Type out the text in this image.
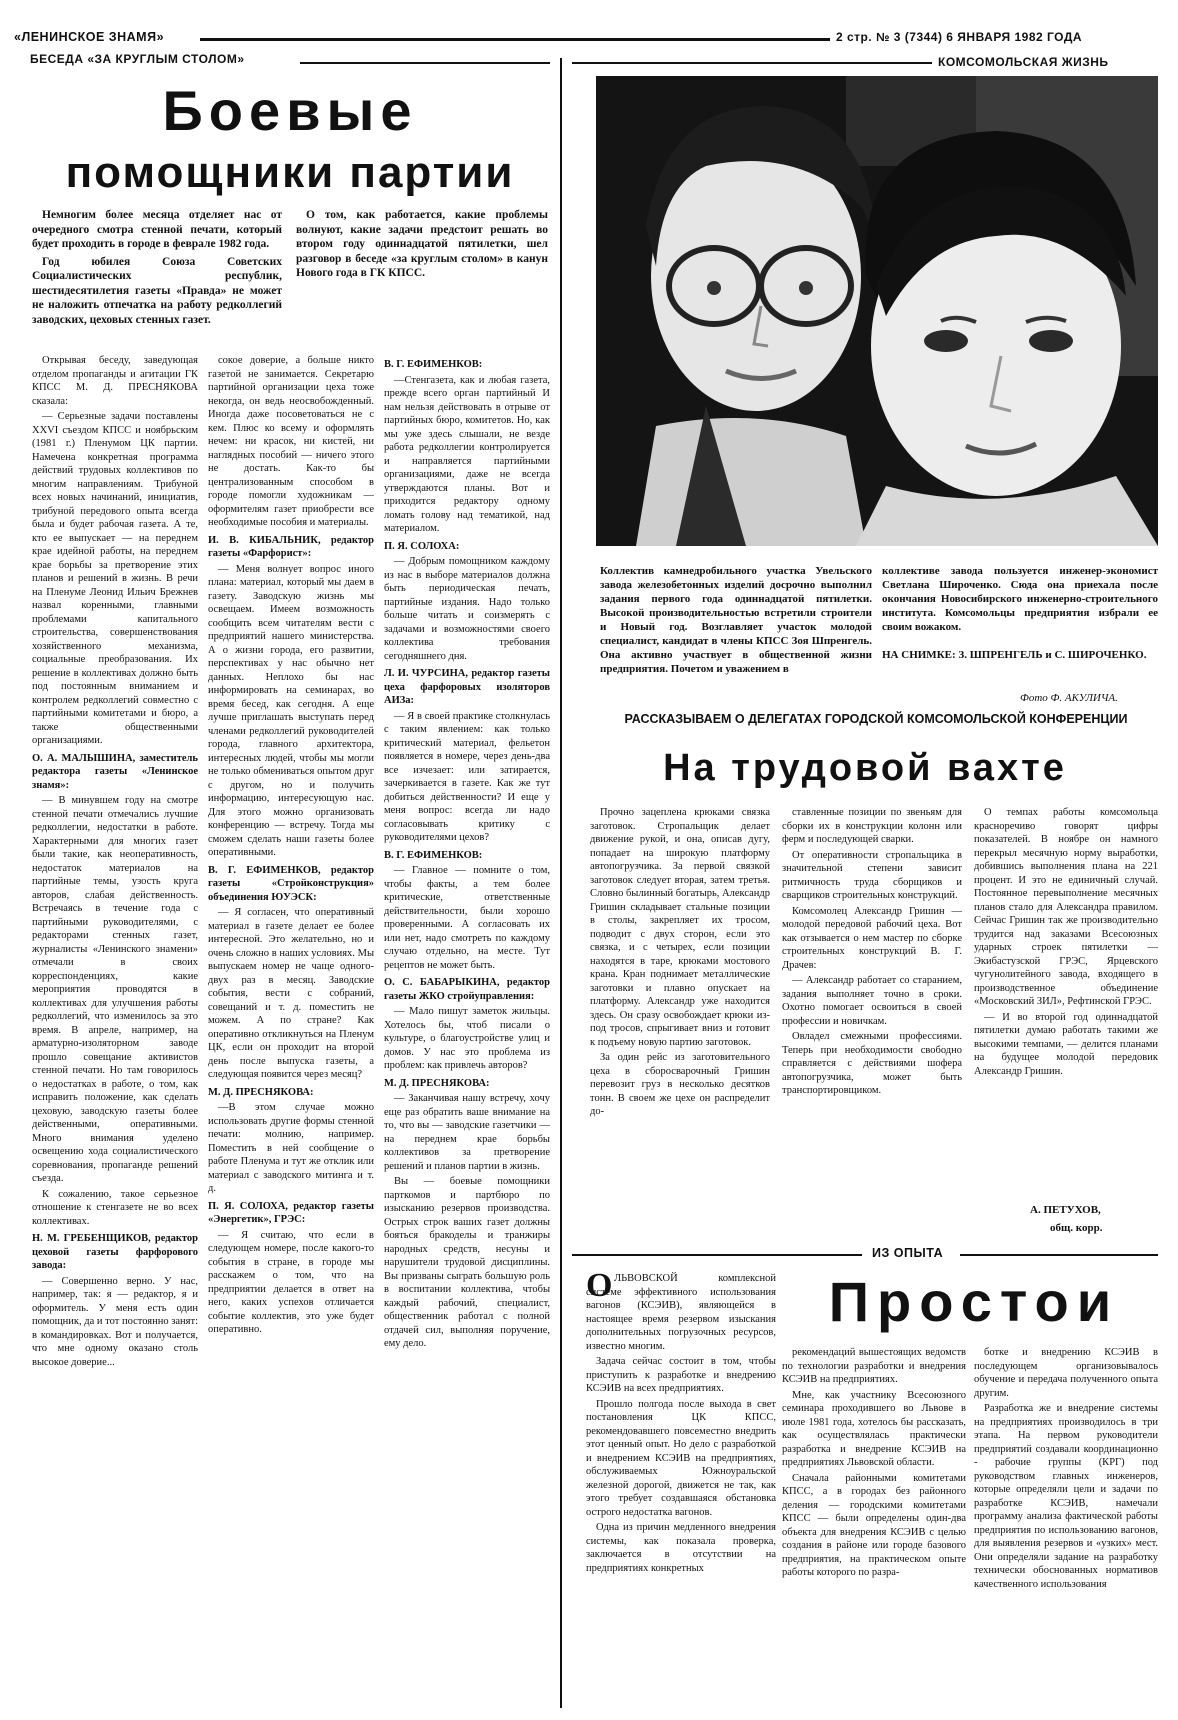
«ЛЕНИНСКОЕ ЗНАМЯ»	2 стр. № 3 (7344) 6 ЯНВАРЯ 1982 ГОДА
БЕСЕДА «ЗА КРУГЛЫМ СТОЛОМ»
Боевые
помощники партии

Немногим более месяца отделяет нас от очередного смотра стенной печати, который будет проходить в городе в феврале 1982 года.

Год юбилея Союза Советских Социалистических республик, шестидесятилетия газеты «Правда» не может не наложить отпечатка на работу редколлегий заводских, цеховых стенных газет.

О том, как работается, какие проблемы волнуют, какие задачи предстоит решать во втором году одиннадцатой пятилетки, шел разговор в беседе «за круглым столом» в канун Нового года в ГК КПСС.

Открывая беседу, заведующая отделом пропаганды и агитации ГК КПСС М. Д. ПРЕСНЯКОВА сказала:

— Серьезные задачи поставлены XXVI съездом КПСС и ноябрьским (1981 г.) Пленумом ЦК партии. Намечена конкретная программа действий трудовых коллективов по многим направлениям. Трибуной всех новых начинаний, инициатив, трибуной передового опыта всегда была и будет рабочая газета. А те, кто ее выпускает — на переднем крае идейной работы, на переднем крае борьбы за претворение этих планов и решений в жизнь. В речи на Пленуме Леонид Ильич Брежнев назвал коренными, главными проблемами капитального строительства, совершенствования хозяйственного механизма, социальные преобразования. Их решение в коллективах должно быть под постоянным вниманием и контролем редколлегий совместно с партийными комитетами и бюро, а также общественными организациями.

О. А. МАЛЫШИНА, заместитель редактора газеты «Ленинское знамя»:

— В минувшем году на смотре стенной печати отмечались лучшие редколлегии, недостатки в работе. Характерными для многих газет были такие, как неоперативность, недостаток материалов на партийные темы, узость круга авторов, слабая действенность. Встречаясь в течение года с партийными руководителями, с редакторами стенных газет, журналисты «Ленинского знамени» отмечали в своих корреспонденциях, какие мероприятия проводятся в коллективах для улучшения работы редколлегий, что изменилось за это время. В апреле, например, на арматурно-изоляторном заводе прошло совещание активистов стенной печати. Но там говорилось о недостатках в работе, о том, как исправить положение, как сделать цеховую, заводскую газеты более действенными, оперативными. Много внимания уделено освещению хода социалистического соревнования, пропаганде решений съезда.

К сожалению, такое серьезное отношение к стенгазете не во всех коллективах.

Н. М. ГРЕБЕНЩИКОВ, редактор цеховой газеты фарфорового завода:

— Совершенно верно. У нас, например, так: я — редактор, я и оформитель. У меня есть один помощник, да и тот постоянно занят: в командировках. Вот и получается, что мне одному оказано столь высокое доверие...

сокое доверие, а больше никто газетой не занимается. Секретарю партийной организации цеха тоже некогда, он ведь неосвобожденный. Иногда даже посоветоваться не с кем. Плюс ко всему и оформлять нечем: ни красок, ни кистей, ни наглядных пособий — ничего этого не достать. Как-то бы централизованным способом в городе помогли художникам — оформителям газет приобрести все необходимые пособия и материалы.

И. В. КИБАЛЬНИК, редактор газеты «Фарфорист»:

— Меня волнует вопрос иного плана: материал, который мы даем в газету. Заводскую жизнь мы освещаем. Имеем возможность сообщить всем читателям вести с предприятий нашего министерства. А о жизни города, его развитии, перспективах у нас обычно нет данных. Неплохо бы нас информировать на семинарах, во время бесед, как сегодня. А еще лучше приглашать выступать перед членами редколлегий руководителей города, главного архитектора, интересных людей, чтобы мы могли не только обмениваться опытом друг с другом, но и получить информацию, интересующую нас. Для этого можно организовать конференцию — встречу. Тогда мы сможем сделать наши газеты более оперативными.

В. Г. ЕФИМЕНКОВ, редактор газеты «Стройконструкция» объединения ЮУЭСК:

— Я согласен, что оперативный материал в газете делает ее более интересной. Это желательно, но и очень сложно в наших условиях. Мы выпускаем номер не чаще одного-двух раз в месяц. Заводские события, вести с собраний, совещаний и т. д. поместить не можем. А по стране? Как оперативно откликнуться на Пленум ЦК, если он проходит на второй день после выпуска газеты, а следующая появится через месяц?

М. Д. ПРЕСНЯКОВА:

—В этом случае можно использовать другие формы стенной печати: молнию, например. Поместить в ней сообщение о работе Пленума и тут же отклик или материал с заводского митинга и т. д.

П. Я. СОЛОХА, редактор газеты «Энергетик», ГРЭС:

— Я считаю, что если в следующем номере, после какого-то события в стране, в городе мы расскажем о том, что на предприятии делается в ответ на него, каких успехов отличается событие коллектив, это уже будет оперативно.

В. Г. ЕФИМЕНКОВ:

—Стенгазета, как и любая газета, прежде всего орган партийный И нам нельзя действовать в отрыве от партийных бюро, комитетов. Но, как мы уже здесь слышали, не везде работа редколлегии контролируется и направляется партийными организациями, даже не всегда утверждаются планы. Вот и приходится редактору одному ломать голову над тематикой, над материалом.

П. Я. СОЛОХА:

— Добрым помощником каждому из нас в выборе материалов должна быть периодическая печать, партийные издания. Надо только больше читать и соизмерять с задачами и возможностями своего коллектива требования сегодняшнего дня.

Л. И. ЧУРСИНА, редактор газеты цеха фарфоровых изоляторов АИЗа:

— Я в своей практике столкнулась с таким явлением: как только критический материал, фельетон появляется в номере, через день-два все изчезает: или затирается, зачеркивается в газете. Как же тут добиться действенности? И еще у меня вопрос: всегда ли надо согласовывать критику с руководителями цехов?

В. Г. ЕФИМЕНКОВ:

— Главное — помните о том, чтобы факты, а тем более критические, ответственные действительности, были хорошо проверенными. А согласовать их или нет, надо смотреть по каждому случаю отдельно, на месте. Тут рецептов не может быть.

О. С. БАБАРЫКИНА, редактор газеты ЖКО стройуправления:

— Мало пишут заметок жильцы. Хотелось бы, чтоб писали о культуре, о благоустройстве улиц и домов. У нас это проблема из проблем: как привлечь авторов?

М. Д. ПРЕСНЯКОВА:

— Заканчивая нашу встречу, хочу еще раз обратить ваше внимание на то, что вы — заводские газетчики — на переднем крае борьбы коллективов за претворение решений и планов партии в жизнь.

Вы — боевые помощники парткомов и партбюро по изысканию резервов производства. Острых строк ваших газет должны бояться бракоделы и транжиры народных средств, несуны и нарушители трудовой дисциплины. Вы призваны сыграть большую роль в воспитании коллектива, чтобы каждый рабочий, специалист, общественник работал с полной отдачей сил, выполняя поручение, ему дело.

КОМСОМОЛЬСКАЯ ЖИЗНЬ
Коллектив камнедробильного участка Увельского завода железобетонных изделий досрочно выполнил задания первого года одиннадцатой пятилетки. Высокой производительностью встретили строители и Новый год. Возглавляет участок молодой специалист, кандидат в члены КПСС Зоя Шпренгель. Она активно участвует в общественной жизни предприятия. Почетом и уважением в
коллективе завода пользуется инженер-экономист Светлана Широченко. Сюда она приехала после окончания Новосибирского инженерно-строительного института. Комсомольцы предприятия избрали ее своим вожаком.
НА СНИМКЕ: З. ШПРЕНГЕЛЬ и С. ШИРОЧЕНКО.
Фото Ф. АКУЛИЧА.
РАССКАЗЫВАЕМ О ДЕЛЕГАТАХ ГОРОДСКОЙ КОМСОМОЛЬСКОЙ КОНФЕРЕНЦИИ
На трудовой вахте

Прочно зацеплена крюками связка заготовок. Стропальщик делает движение рукой, и она, описав дугу, попадает на широкую платформу автопогрузчика. За первой связкой заготовок следует вторая, затем третья. Словно былинный богатырь, Александр Гришин складывает стальные позиции в столы, закрепляет их тросом, подводит с двух сторон, если это связка, и с четырех, если позиции находятся в таре, крюками мостового крана. Кран поднимает металлические заготовки и плавно опускает на платформу. Александр уже находится здесь. Он сразу освобождает крюки из-под тросов, спрыгивает вниз и готовит к подъему новую партию заготовок.

За один рейс из заготовительного цеха в сборосварочный Гришин перевозит груз в несколько десятков тонн. В своем же цехе он распределит до-

ставленные позиции по звеньям для сборки их в конструкции колонн или ферм и последующей сварки.

От оперативности стропальщика в значительной степени зависит ритмичность труда сборщиков и сварщиков строительных конструкций.

Комсомолец Александр Гришин — молодой передовой рабочий цеха. Вот как отзывается о нем мастер по сборке строительных конструкций В. Г. Драчев:

— Александр работает со старанием, задания выполняет точно в сроки. Охотно помогает освоиться в своей профессии и новичкам.

Овладел смежными профессиями. Теперь при необходимости свободно справляется с действиями шофера автопогрузчика, может быть транспортировщиком.

О темпах работы комсомольца красноречиво говорят цифры показателей. В ноябре он намного перекрыл месячную норму выработки, добившись выполнения плана на 221 процент. И это не единичный случай. Постоянное перевыполнение месячных планов стало для Александра правилом. Сейчас Гришин так же производительно трудится над заказами Всесоюзных ударных строек пятилетки — Экибастузской ГРЭС, Ярцевского чугунолитейного завода, входящего в производственное объединение «Московский ЗИЛ», Рефтинской ГРЭС.

— И во второй год одиннадцатой пятилетки думаю работать такими же высокими темпами, — делится планами на будущее молодой передовик Александр Гришин.

А. ПЕТУХОВ,
общ. корр.
ИЗ ОПЫТА
Простои
О ЛЬВОВСКОЙ комплексной системе эффективного использования вагонов (КСЭИВ), являющейся в настоящее время резервом изыскания дополнительных погрузочных ресурсов, известно многим.

Задача сейчас состоит в том, чтобы приступить к разработке и внедрению КСЭИВ на всех предприятиях.

Прошло полгода после выхода в свет постановления ЦК КПСС, рекомендовавшего повсеместно внедрить этот ценный опыт. Но дело с разработкой и внедрением КСЭИВ на предприятиях, обслуживаемых Южноуральской железной дорогой, движется не так, как этого требует создавшаяся обстановка острого недостатка вагонов.

Одна из причин медленного внедрения системы, как показала проверка, заключается в отсутствии на предприятиях конкретных

рекомендаций вышестоящих ведомств по технологии разработки и внедрения КСЭИВ на предприятиях.

Мне, как участнику Всесоюзного семинара проходившего во Львове в июле 1981 года, хотелось бы рассказать, как осуществлялась практически разработка и внедрение КСЭИВ на предприятиях Львовской области.

Сначала районными комитетами КПСС, а в городах без районного деления — городскими комитетами КПСС — были определены один-два объекта для внедрения КСЭИВ с целью создания в районе или городе базового предприятия, на практическом опыте работы которого по разра-

ботке и внедрению КСЭИВ в последующем организовывалось обучение и передача полученного опыта другим.

Разработка же и внедрение системы на предприятиях производилось в три этапа. На первом руководители предприятий создавали координационно - рабочие группы (КРГ) под руководством главных инженеров, которые определяли цели и задачи по разработке КСЭИВ, намечали программу анализа фактической работы предприятия по использованию вагонов, для выявления резервов и «узких» мест. Они определяли задание на разработку технически обоснованных нормативов качественного использования
